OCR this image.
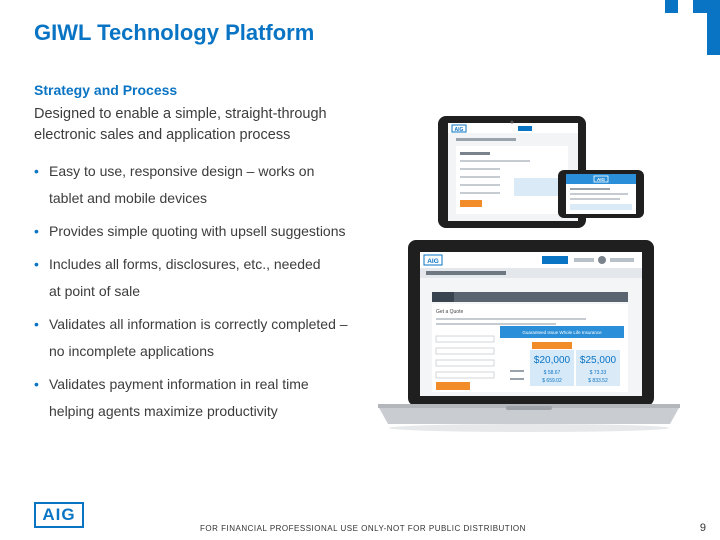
GIWL Technology Platform
Strategy and Process

Designed to enable a simple, straight-through electronic sales and application process

• Easy to use, responsive design – works on
tablet and mobile devices
• Provides simple quoting with upsell suggestions
• Includes all forms, disclosures, etc., needed
at point of sale
• Validates all information is correctly completed –
no incomplete applications
• Validates payment information in real time
helping agents maximize productivity
AIG
AIG
AIG
Get a Quote
Guaranteed Issue Whole Life Insurance
$20,000 $25,000
$ 58.67	$ 73.33
$ 659.02	$ 833.52
AIG

FOR FINANCIAL PROFESSIONAL USE ONLY-NOT FOR PUBLIC DISTRIBUTION	9
